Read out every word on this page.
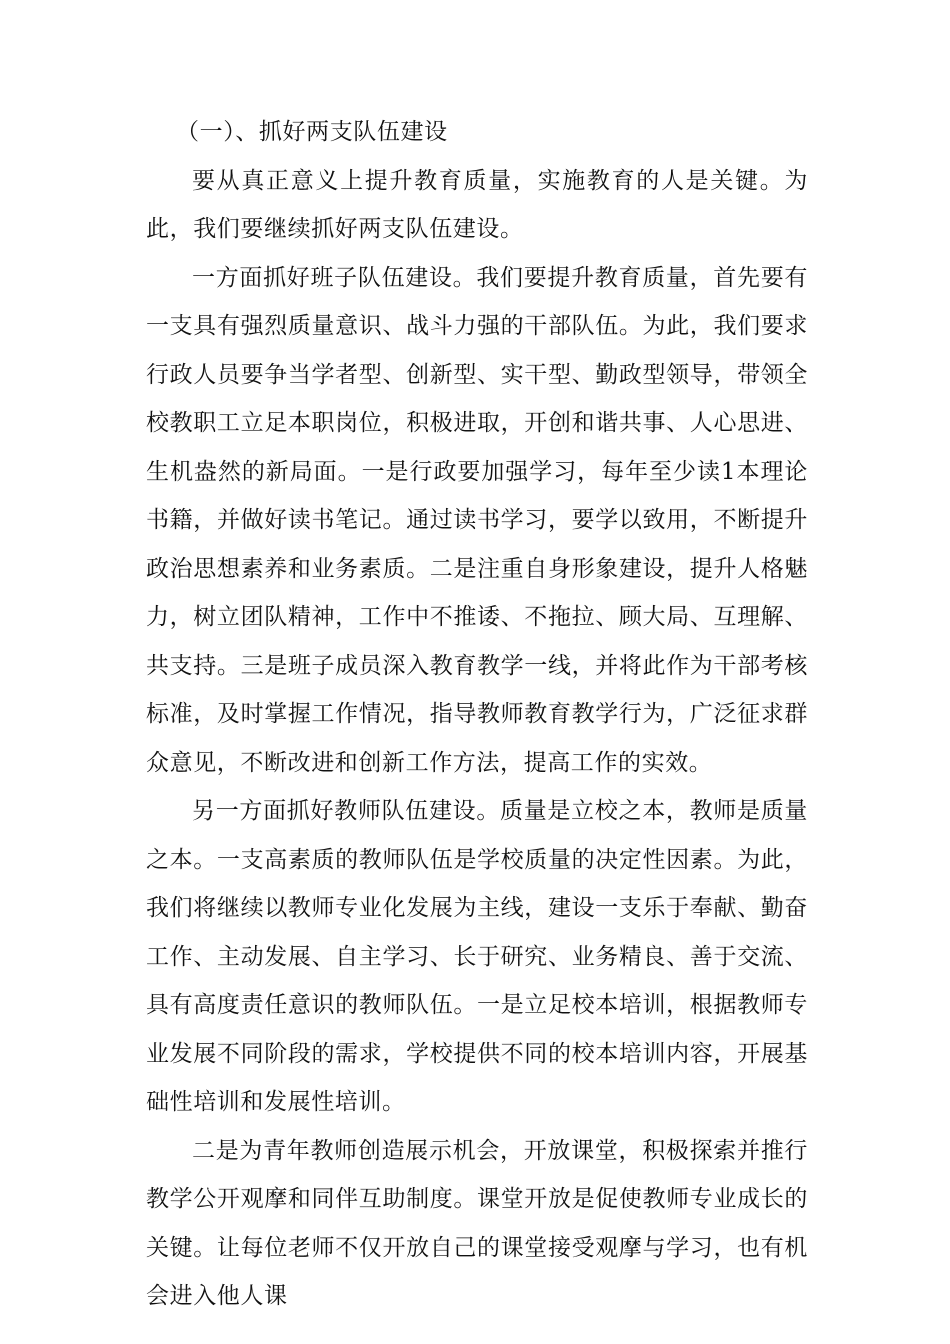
（一）、抓好两支队伍建设

要从真正意义上提升教育质量，实施教育的人是关键。为此，我们要继续抓好两支队伍建设。

一方面抓好班子队伍建设。我们要提升教育质量，首先要有一支具有强烈质量意识、战斗力强的干部队伍。为此，我们要求行政人员要争当学者型、创新型、实干型、勤政型领导，带领全校教职工立足本职岗位，积极进取，开创和谐共事、人心思进、生机盎然的新局面。一是行政要加强学习，每年至少读1本理论书籍，并做好读书笔记。通过读书学习，要学以致用，不断提升政治思想素养和业务素质。二是注重自身形象建设，提升人格魅力，树立团队精神，工作中不推诿、不拖拉、顾大局、互理解、共支持。三是班子成员深入教育教学一线，并将此作为干部考核标准，及时掌握工作情况，指导教师教育教学行为，广泛征求群众意见，不断改进和创新工作方法，提高工作的实效。

另一方面抓好教师队伍建设。质量是立校之本，教师是质量之本。一支高素质的教师队伍是学校质量的决定性因素。为此，我们将继续以教师专业化发展为主线，建设一支乐于奉献、勤奋工作、主动发展、自主学习、长于研究、业务精良、善于交流、具有高度责任意识的教师队伍。一是立足校本培训，根据教师专业发展不同阶段的需求，学校提供不同的校本培训内容，开展基础性培训和发展性培训。

二是为青年教师创造展示机会，开放课堂，积极探索并推行教学公开观摩和同伴互助制度。课堂开放是促使教师专业成长的关键。让每位老师不仅开放自己的课堂接受观摩与学习，也有机会进入他人课
